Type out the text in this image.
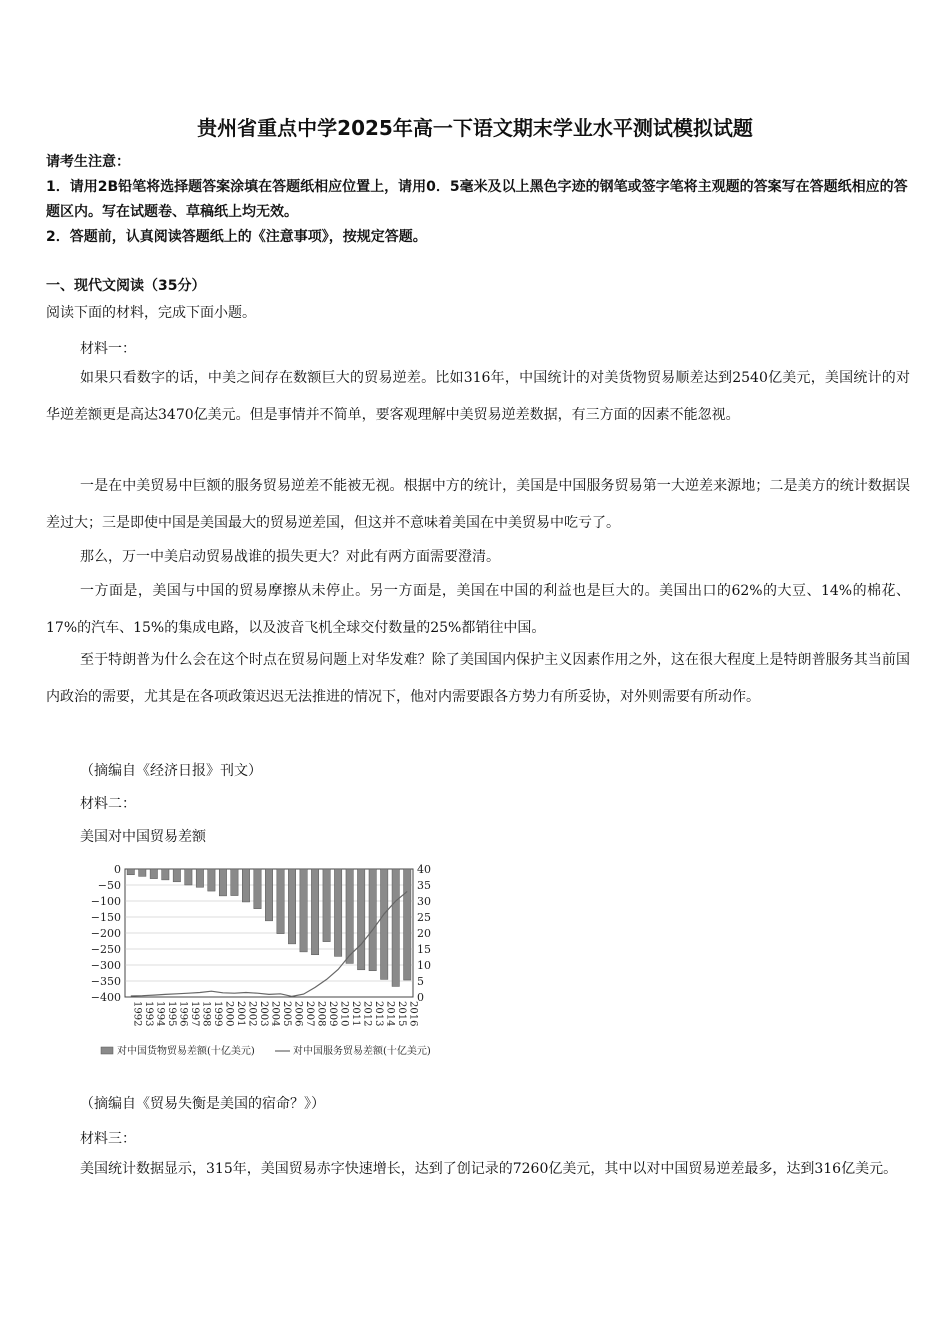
贵州省重点中学2025年高一下语文期末学业水平测试模拟试题

请考生注意：

1．请用2B铅笔将选择题答案涂填在答题纸相应位置上，请用0．5毫米及以上黑色字迹的钢笔或签字笔将主观题的答案写在答题纸相应的答题区内。写在试题卷、草稿纸上均无效。

2．答题前，认真阅读答题纸上的《注意事项》，按规定答题。

一、现代文阅读（35分）
阅读下面的材料，完成下面小题。
材料一：

如果只看数字的话，中美之间存在数额巨大的贸易逆差。比如316年，中国统计的对美货物贸易顺差达到2540亿美元，美国统计的对华逆差额更是高达3470亿美元。但是事情并不简单，要客观理解中美贸易逆差数据，有三方面的因素不能忽视。

一是在中美贸易中巨额的服务贸易逆差不能被无视。根据中方的统计，美国是中国服务贸易第一大逆差来源地；二是美方的统计数据误差过大；三是即使中国是美国最大的贸易逆差国，但这并不意味着美国在中美贸易中吃亏了。

那么，万一中美启动贸易战谁的损失更大？对此有两方面需要澄清。

一方面是，美国与中国的贸易摩擦从未停止。另一方面是，美国在中国的利益也是巨大的。美国出口的62%的大豆、14%的棉花、17%的汽车、15%的集成电路，以及波音飞机全球交付数量的25%都销往中国。

至于特朗普为什么会在这个时点在贸易问题上对华发难？除了美国国内保护主义因素作用之外，这在很大程度上是特朗普服务其当前国内政治的需要，尤其是在各项政策迟迟无法推进的情况下，他对内需要跟各方势力有所妥协，对外则需要有所动作。

（摘编自《经济日报》刊文）
材料二：
美国对中国贸易差额
0
−50
−100
−150
−200
−250
−300
−350
−400
40
35
30
25
20
15
10
5
0
1992 1993 1994 1995 1996 1997 1998 1999 2000 2001 2002 2003 2004 2005 2006 2007 2008 2009 2010 2011 2012 2013 2014 2015 2016
对中国货物贸易差额(十亿美元)	对中国服务贸易差额(十亿美元)
（摘编自《贸易失衡是美国的宿命？》）
材料三：

美国统计数据显示，315年，美国贸易赤字快速增长，达到了创记录的7260亿美元，其中以对中国贸易逆差最多，达到316亿美元。
